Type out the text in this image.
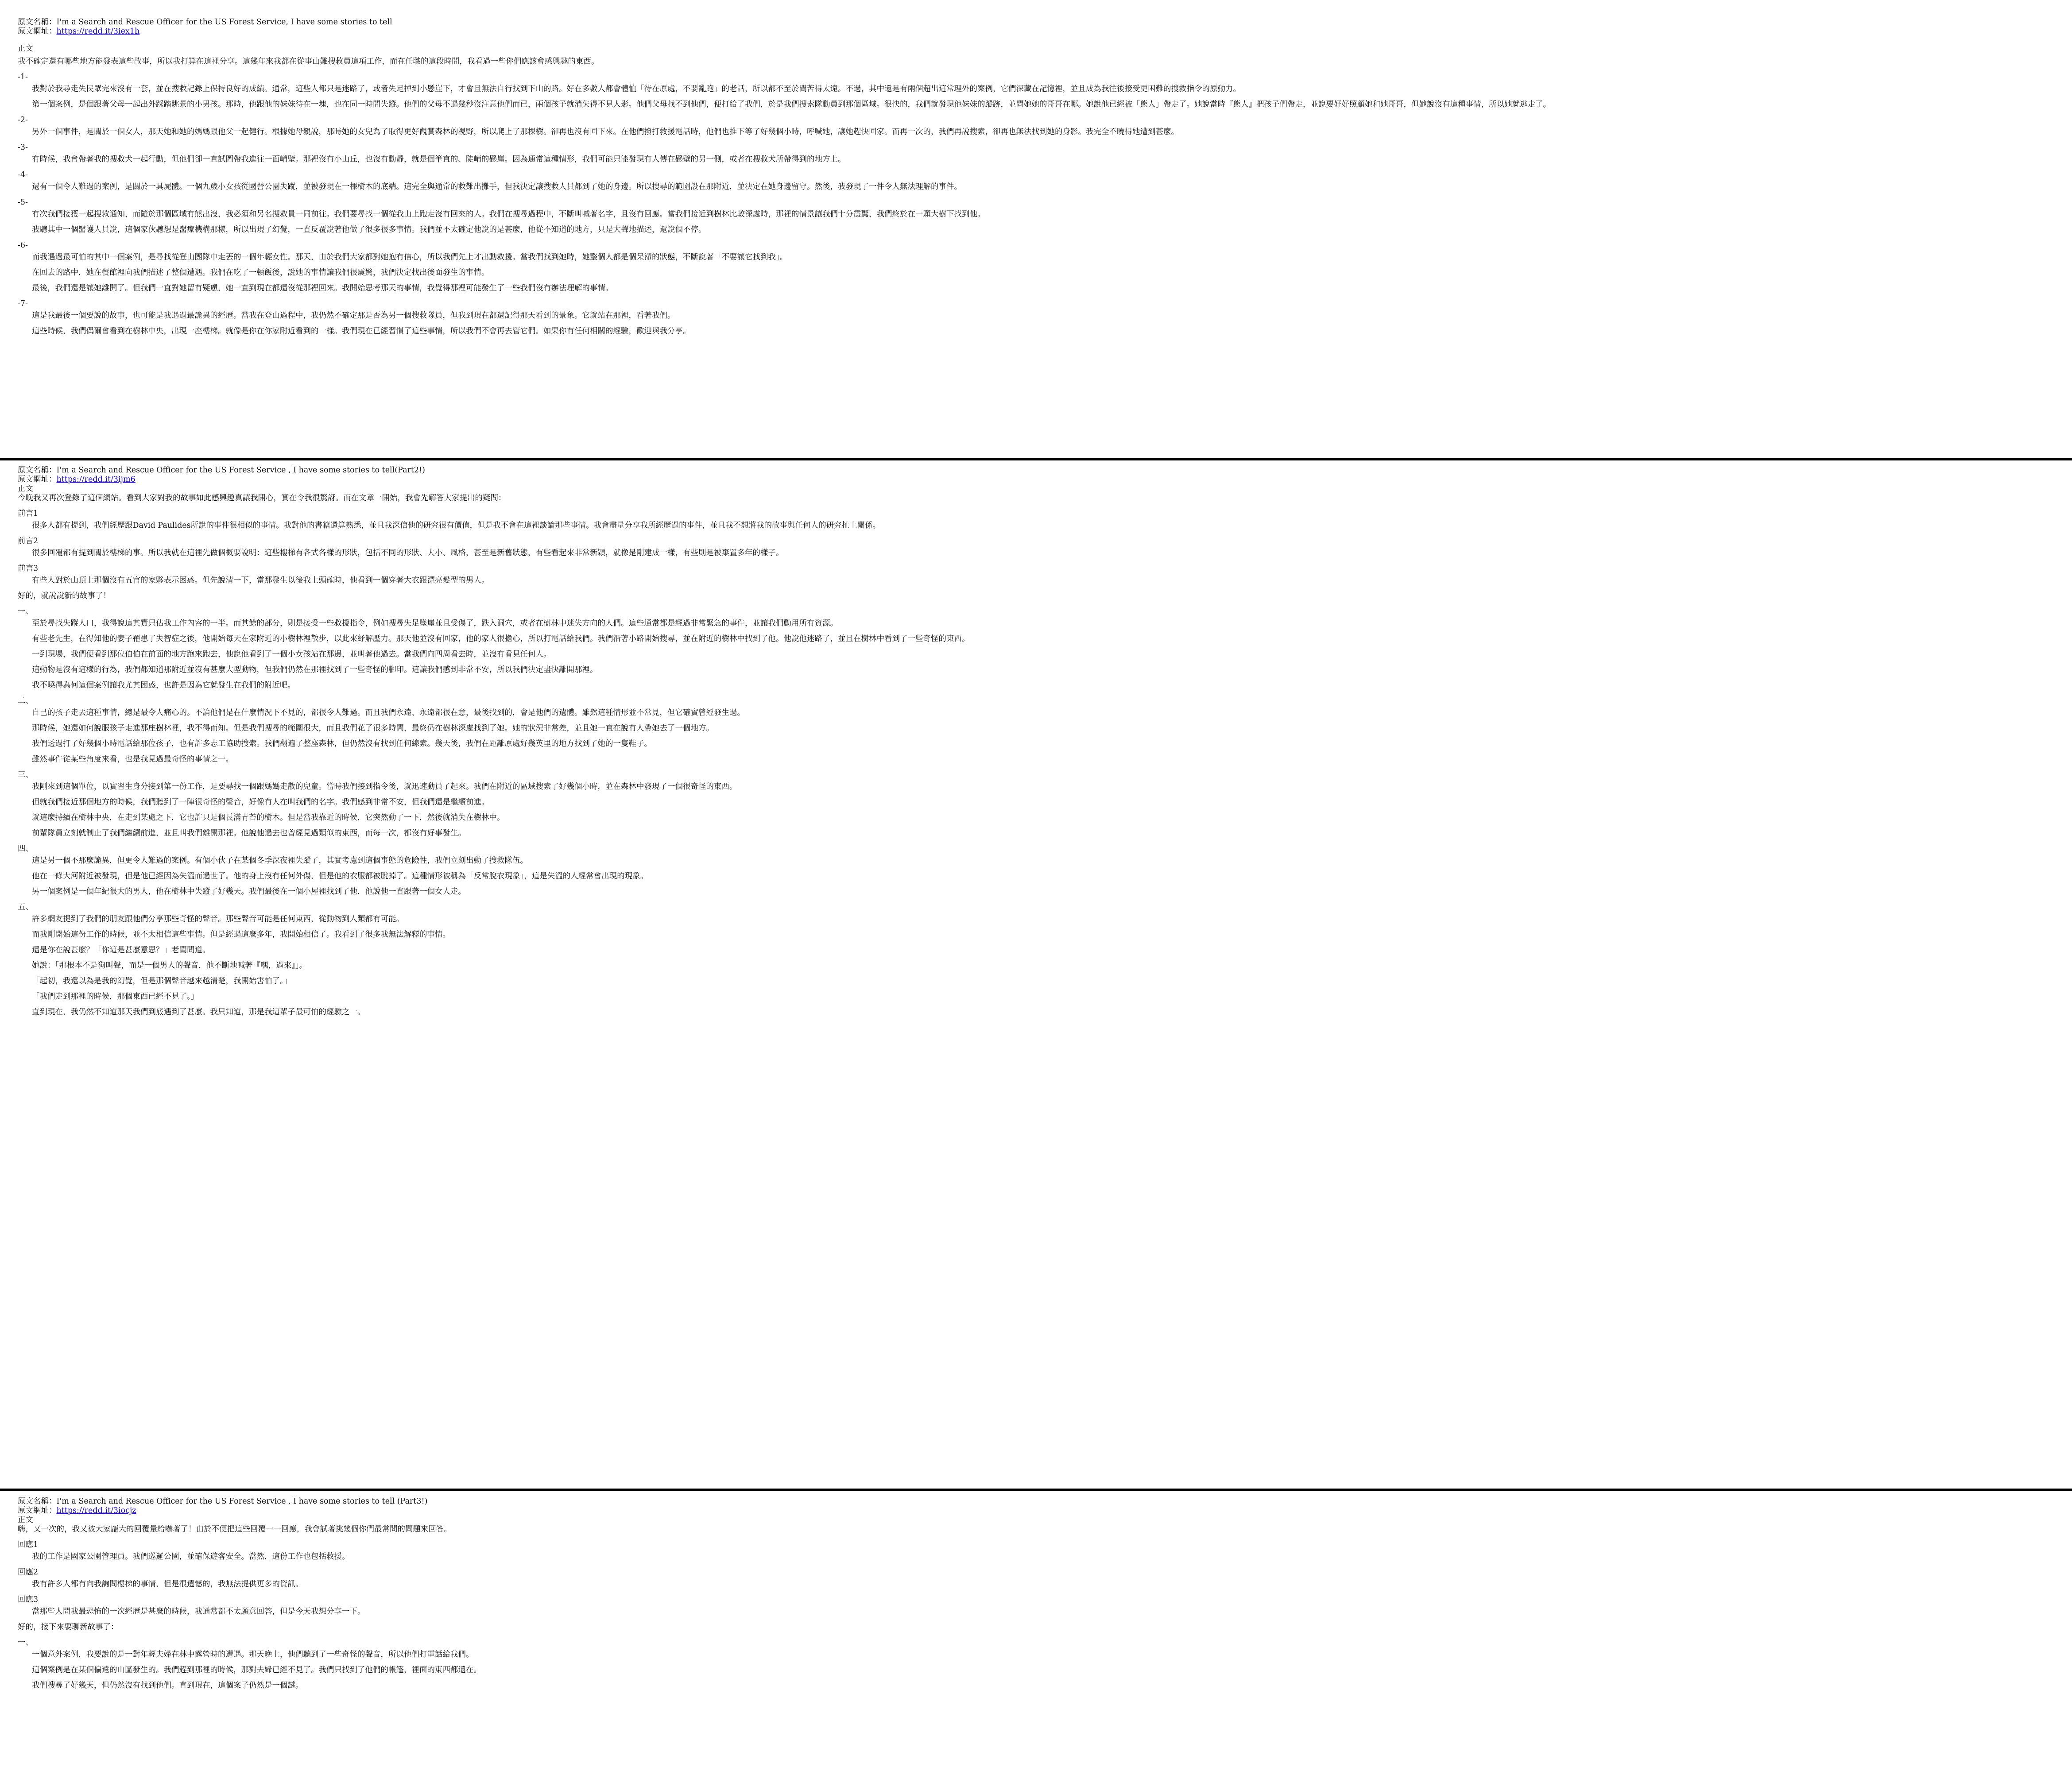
原文名稱：I'm a Search and Rescue Officer for the US Forest Service, I have some stories to tell
原文網址：https://redd.it/3iex1h
正文

我不確定還有哪些地方能發表這些故事，所以我打算在這裡分享。這幾年來我都在從事山難搜救員這項工作，而在任職的這段時間，我看過一些你們應該會感興趣的東西。

-1-

我對於我尋走失民眾完來沒有一套，並在搜救記錄上保持良好的成績。通常，這些人都只是迷路了，或者失足掉到小懸崖下，才會且無法自行找到下山的路。好在多數人都會體恤「待在原處，不要亂跑」的老話，所以都不至於間苦得太遠。不過，其中還是有兩個超出這常理外的案例，它們深藏在記憶裡，並且成為我往後接受更困難的搜救指令的原動力。

第一個案例，是個跟著父母一起出外踩踏眺景的小男孩。那時，他跟他的妹妹待在一塊，也在同一時間失蹤。他們的父母不過幾秒沒注意他們而已，兩個孩子就消失得不見人影。他們父母找不到他們，便打給了我們，於是我們搜索隊動員到那個區域。很快的，我們就發現他妹妹的蹤跡，並問她她的哥哥在哪。她說他已經被「熊人」帶走了。她說當時『熊人』把孩子們帶走，並說要好好照顧她和她哥哥，但她說沒有這種事情，所以她就逃走了。

-2-

另外一個事件，是關於一個女人，那天她和她的媽媽跟他父一起健行。根據她母親說，那時她的女兒為了取得更好觀賞森林的視野，所以爬上了那棵樹。卻再也沒有回下來。在他們撥打救援電話時，他們也推下等了好幾個小時，呼喊她，讓她趕快回家。而再一次的，我們再說搜索，卻再也無法找到她的身影。我完全不曉得她遭到甚麼。

-3-

有時候，我會帶著我的搜救犬一起行動，但他們卻一直試圖帶我進往一面峭壁。那裡沒有小山丘，也沒有動靜，就是個筆直的、陡峭的懸崖。因為通常這種情形，我們可能只能發現有人傳在懸壁的另一側，或者在搜救犬所帶得到的地方上。

-4-

還有一個令人難過的案例，是關於一具屍體。一個九歲小女孩從國營公園失蹤，並被發現在一棵樹木的底端。這完全與通常的救難出攤手，但我決定讓搜救人員都到了她的身邊。所以搜尋的範圍設在那附近，並決定在她身邊留守。然後，我發現了一件令人無法理解的事件。

-5-

有次我們接獲一起搜救通知，而隨於那個區域有熊出沒，我必須和另名搜救員一同前往。我們要尋找一個從我山上跑走沒有回來的人。我們在搜尋過程中，不斷叫喊著名字，且沒有回應。當我們接近到樹林比較深處時，那裡的情景讓我們十分震驚，我們終於在一顆大樹下找到他。

我聽其中一個醫護人員說，這個家伙聽想是醫療機構那樣，所以出現了幻覺，一直反覆說著他做了很多很多事情。我們並不太確定他說的是甚麼，他從不知道的地方，只是大聲地描述，還說個不停。

-6-

而我遇過最可怕的其中一個案例，是尋找從登山團隊中走丟的一個年輕女性。那天，由於我們大家都對她抱有信心，所以我們先上才出動救援。當我們找到她時，她整個人都是個呆滯的狀態，不斷說著「不要讓它找到我」。

在回去的路中，她在餐館裡向我們描述了整個遭遇。我們在吃了一頓飯後，說她的事情讓我們很震驚，我們決定找出後面發生的事情。

最後，我們還是讓她離開了。但我們一直對她留有疑慮，她一直到現在都還沒從那裡回來。我開始思考那天的事情，我覺得那裡可能發生了一些我們沒有辦法理解的事情。

-7-

這是我最後一個要說的故事，也可能是我遇過最詭異的經歷。當我在登山過程中，我仍然不確定那是否為另一個搜救隊員，但我到現在都還記得那天看到的景象。它就站在那裡，看著我們。

這些時候，我們偶爾會看到在樹林中央，出現一座樓梯。就像是你在你家附近看到的一樣。我們現在已經習慣了這些事情，所以我們不會再去管它們。如果你有任何相關的經驗，歡迎與我分享。

原文名稱：I'm a Search and Rescue Officer for the US Forest Service , I have some stories to tell(Part2!)
原文網址：https://redd.it/3ijm6
正文

今晚我又再次登錄了這個網站。看到大家對我的故事如此感興趣真讓我開心，實在令我很驚訝。而在文章一開始，我會先解答大家提出的疑問：

前言1

很多人都有提到，我們經歷跟David Paulides所說的事件很相似的事情。我對他的書籍還算熟悉，並且我深信他的研究很有價值，但是我不會在這裡談論那些事情。我會盡量分享我所經歷過的事件，並且我不想將我的故事與任何人的研究扯上關係。

前言2

很多回覆都有提到關於樓梯的事。所以我就在這裡先做個概要說明：這些樓梯有各式各樣的形狀，包括不同的形狀、大小、風格，甚至是新舊狀態，有些看起來非常新穎，就像是剛建成一樣，有些則是被棄置多年的樣子。

前言3

有些人對於山頂上那個沒有五官的家夥表示困惑。但先說清一下，當那發生以後我上頭確時，他看到一個穿著大衣跟漂亮髮型的男人。

好的，就說說新的故事了！

一、

至於尋找失蹤人口，我得說這其實只佔我工作內容的一半。而其餘的部分，則是接受一些救援指令，例如搜尋失足墜崖並且受傷了，跌入洞穴，或者在樹林中迷失方向的人們。這些通常都是經過非常緊急的事件，並讓我們動用所有資源。

有些老先生，在得知他的妻子罹患了失智症之後，他開始每天在家附近的小樹林裡散步，以此來紓解壓力。那天他並沒有回家，他的家人很擔心，所以打電話給我們。我們沿著小路開始搜尋，並在附近的樹林中找到了他。他說他迷路了，並且在樹林中看到了一些奇怪的東西。

一到現場，我們便看到那位伯伯在前面的地方跑來跑去，他說他看到了一個小女孩站在那邊，並叫著他過去。當我們向四周看去時，並沒有看見任何人。

這動物是沒有這樣的行為，我們都知道那附近並沒有甚麼大型動物，但我們仍然在那裡找到了一些奇怪的腳印。這讓我們感到非常不安，所以我們決定盡快離開那裡。

我不曉得為何這個案例讓我尤其困惑，也許是因為它就發生在我們的附近吧。

二、

自己的孩子走丟這種事情，總是最令人痛心的。不論他們是在什麼情況下不見的，都很令人難過。而且我們永遠、永遠都很在意，最後找到的，會是他們的遺體。雖然這種情形並不常見，但它確實曾經發生過。

那時候，她還如何說服孩子走進那座樹林裡，我不得而知。但是我們搜尋的範圍很大，而且我們花了很多時間，最終仍在樹林深處找到了她。她的狀況非常差，並且她一直在說有人帶她去了一個地方。

我們透過打了好幾個小時電話給那位孩子，也有許多志工協助搜索。我們翻遍了整座森林，但仍然沒有找到任何線索。幾天後，我們在距離原處好幾英里的地方找到了她的一隻鞋子。

雖然事件從某些角度來看，也是我見過最奇怪的事情之一。

三、

我剛來到這個單位，以實習生身分接到第一份工作，是要尋找一個跟媽媽走散的兒童。當時我們接到指令後，就迅速動員了起來。我們在附近的區域搜索了好幾個小時，並在森林中發現了一個很奇怪的東西。

但就我們接近那個地方的時候，我們聽到了一陣很奇怪的聲音，好像有人在叫我們的名字。我們感到非常不安，但我們還是繼續前進。

就這麼持續在樹林中央，在走到某處之下，它也許只是個長滿青苔的樹木。但是當我靠近的時候，它突然動了一下，然後就消失在樹林中。

前輩隊員立刻就制止了我們繼續前進，並且叫我們離開那裡。他說他過去也曾經見過類似的東西，而每一次，都沒有好事發生。

四、

這是另一個不那麼詭異，但更令人難過的案例。有個小伙子在某個冬季深夜裡失蹤了，其實考慮到這個事態的危險性，我們立刻出動了搜救隊伍。

他在一條大河附近被發現，但是他已經因為失溫而過世了。他的身上沒有任何外傷，但是他的衣服都被脫掉了。這種情形被稱為「反常脫衣現象」，這是失溫的人經常會出現的現象。

另一個案例是一個年紀很大的男人，他在樹林中失蹤了好幾天。我們最後在一個小屋裡找到了他，他說他一直跟著一個女人走。

五、

許多網友提到了我們的朋友跟他們分享那些奇怪的聲音。那些聲音可能是任何東西，從動物到人類都有可能。

而我剛開始這份工作的時候，並不太相信這些事情。但是經過這麼多年，我開始相信了。我看到了很多我無法解釋的事情。

還是你在說甚麼？「你這是甚麼意思？」老闆問道。

她說：「那根本不是狗叫聲，而是一個男人的聲音，他不斷地喊著『嘿，過來』」。

「起初，我還以為是我的幻覺，但是那個聲音越來越清楚，我開始害怕了。」

「我們走到那裡的時候，那個東西已經不見了。」

直到現在，我仍然不知道那天我們到底遇到了甚麼。我只知道，那是我這輩子最可怕的經驗之一。

原文名稱：I'm a Search and Rescue Officer for the US Forest Service , I have some stories to tell (Part3!)
原文網址：https://redd.it/3iocjz
正文

嗨，又一次的，我又被大家龐大的回覆量給嚇著了！由於不便把這些回覆一一回應，我會試著挑幾個你們最常問的問題來回答。

回應1

我的工作是國家公園管理員。我們巡邏公園，並確保遊客安全。當然，這份工作也包括救援。

回應2

我有許多人都有向我詢問樓梯的事情，但是很遺憾的，我無法提供更多的資訊。

回應3

當那些人問我最恐怖的一次經歷是甚麼的時候，我通常都不太願意回答，但是今天我想分享一下。

好的，接下來要聊新故事了：

一、

一個意外案例，我要說的是一對年輕夫婦在林中露營時的遭遇。那天晚上，他們聽到了一些奇怪的聲音，所以他們打電話給我們。

這個案例是在某個偏遠的山區發生的。我們趕到那裡的時候，那對夫婦已經不見了。我們只找到了他們的帳篷，裡面的東西都還在。

我們搜尋了好幾天，但仍然沒有找到他們。直到現在，這個案子仍然是一個謎。
